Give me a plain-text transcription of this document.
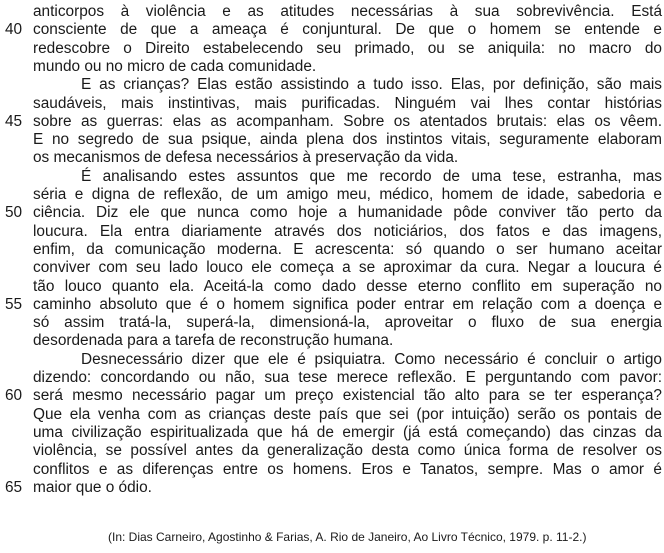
40
45
50
55
60
65
anticorpos à violência e as atitudes necessárias à sua sobrevivência. Está
consciente de que a ameaça é conjuntural. De que o homem se entende e
redescobre o Direito estabelecendo seu primado, ou se aniquila: no macro do
mundo ou no micro de cada comunidade.
E as crianças? Elas estão assistindo a tudo isso. Elas, por definição, são mais
saudáveis, mais instintivas, mais purificadas. Ninguém vai lhes contar histórias
sobre as guerras: elas as acompanham. Sobre os atentados brutais: elas os vêem.
E no segredo de sua psique, ainda plena dos instintos vitais, seguramente elaboram
os mecanismos de defesa necessários à preservação da vida.
É analisando estes assuntos que me recordo de uma tese, estranha, mas
séria e digna de reflexão, de um amigo meu, médico, homem de idade, sabedoria e
ciência. Diz ele que nunca como hoje a humanidade pôde conviver tão perto da
loucura. Ela entra diariamente através dos noticiários, dos fatos e das imagens,
enfim, da comunicação moderna. E acrescenta: só quando o ser humano aceitar
conviver com seu lado louco ele começa a se aproximar da cura. Negar a loucura é
tão louco quanto ela. Aceitá-la como dado desse eterno conflito em superação no
caminho absoluto que é o homem significa poder entrar em relação com a doença e
só assim tratá-la, superá-la, dimensioná-la, aproveitar o fluxo de sua energia
desordenada para a tarefa de reconstrução humana.
Desnecessário dizer que ele é psiquiatra. Como necessário é concluir o artigo
dizendo: concordando ou não, sua tese merece reflexão. E perguntando com pavor:
será mesmo necessário pagar um preço existencial tão alto para se ter esperança?
Que ela venha com as crianças deste país que sei (por intuição) serão os pontais de
uma civilização espiritualizada que há de emergir (já está começando) das cinzas da
violência, se possível antes da generalização desta como única forma de resolver os
conflitos e as diferenças entre os homens. Eros e Tanatos, sempre. Mas o amor é
maior que o ódio.
(In: Dias Carneiro, Agostinho & Farias, A. Rio de Janeiro, Ao Livro Técnico, 1979. p. 11-2.)
